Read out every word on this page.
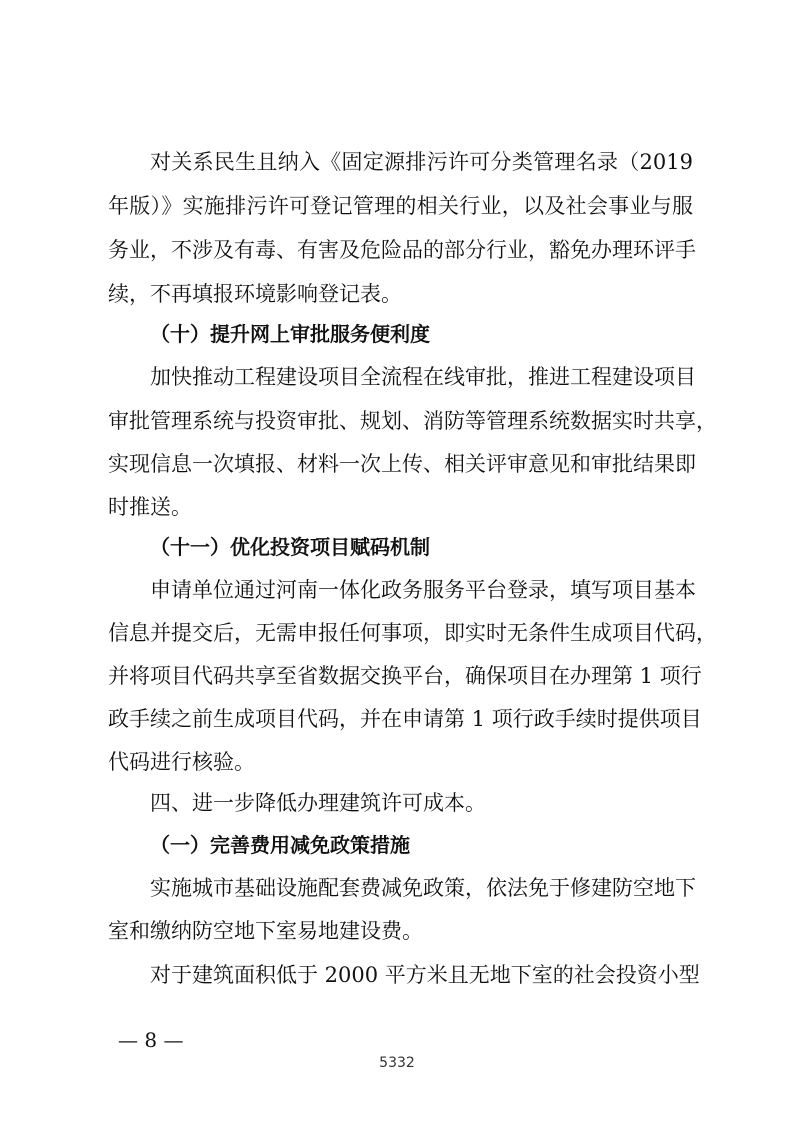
对关系民生且纳入《固定源排污许可分类管理名录（2019
年版）》实施排污许可登记管理的相关行业，以及社会事业与服
务业，不涉及有毒、有害及危险品的部分行业，豁免办理环评手
续，不再填报环境影响登记表。
（十）提升网上审批服务便利度
加快推动工程建设项目全流程在线审批，推进工程建设项目
审批管理系统与投资审批、规划、消防等管理系统数据实时共享，
实现信息一次填报、材料一次上传、相关评审意见和审批结果即
时推送。
（十一）优化投资项目赋码机制
申请单位通过河南一体化政务服务平台登录，填写项目基本
信息并提交后，无需申报任何事项，即实时无条件生成项目代码，
并将项目代码共享至省数据交换平台，确保项目在办理第 1 项行
政手续之前生成项目代码，并在申请第 1 项行政手续时提供项目
代码进行核验。
四、进一步降低办理建筑许可成本。
（一）完善费用减免政策措施
实施城市基础设施配套费减免政策，依法免于修建防空地下
室和缴纳防空地下室易地建设费。
对于建筑面积低于 2000 平方米且无地下室的社会投资小型
— 8 —
5332
